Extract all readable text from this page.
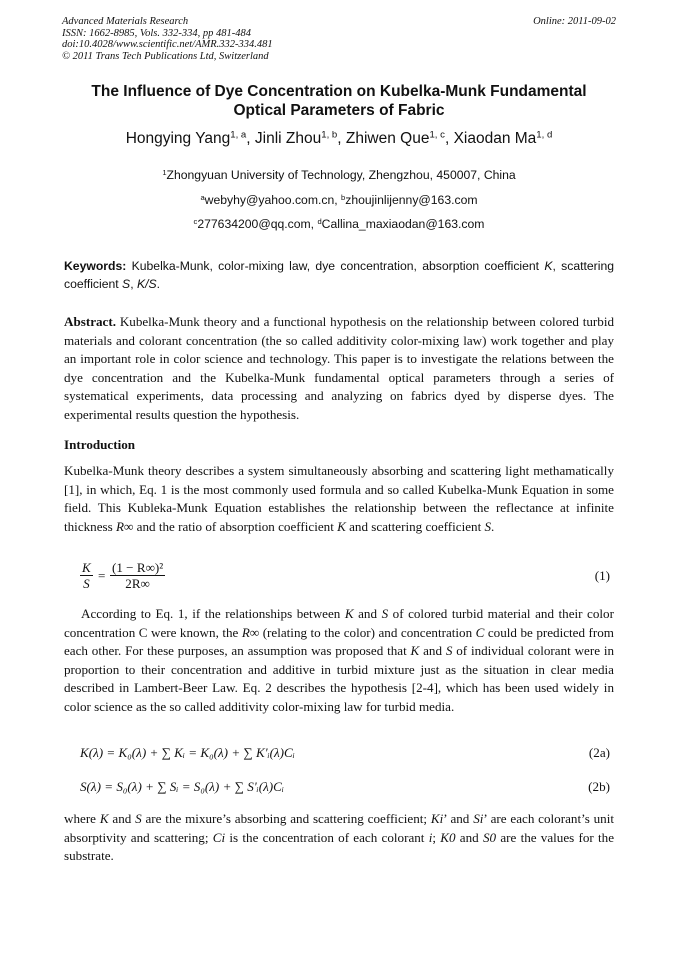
Advanced Materials Research
ISSN: 1662-8985, Vols. 332-334, pp 481-484
doi:10.4028/www.scientific.net/AMR.332-334.481
© 2011 Trans Tech Publications Ltd, Switzerland
Online: 2011-09-02
The Influence of Dye Concentration on Kubelka-Munk Fundamental
Optical Parameters of Fabric
Hongying Yang$^{1, a}$, Jinli Zhou$^{1, b}$, Zhiwen Que$^{1, c}$, Xiaodan Ma$^{1, d}$
$^1$Zhongyuan University of Technology, Zhengzhou, 450007, China
$^a$webyhy@yahoo.com.cn, $^b$zhoujinlijenny@163.com
$^c$277634200@qq.com, $^d$Callina_maxiaodan@163.com
Keywords: Kubelka-Munk, color-mixing law, dye concentration, absorption coefficient K, scattering coefficient S, K/S.
Abstract. Kubelka-Munk theory and a functional hypothesis on the relationship between colored turbid materials and colorant concentration (the so called additivity color-mixing law) work together and play an important role in color science and technology. This paper is to investigate the relations between the dye concentration and the Kubelka-Munk fundamental optical parameters through a series of systematical experiments, data processing and analyzing on fabrics dyed by disperse dyes. The experimental results question the hypothesis.
Introduction
Kubelka-Munk theory describes a system simultaneously absorbing and scattering light methamatically [1], in which, Eq. 1 is the most commonly used formula and so called Kubelka-Munk Equation in some field. This Kubleka-Munk Equation establishes the relationship between the reflectance at infinite thickness R∞ and the ratio of absorption coefficient K and scattering coefficient S.
$\frac{K}{S} = \frac{\text{(1 − R∞)²}}{2R\infty}$	(1)
According to Eq. 1, if the relationships between K and S of colored turbid material and their color concentration C were known, the R∞ (relating to the color) and concentration C could be predicted from each other. For these purposes, an assumption was proposed that K and S of individual colorant were in proportion to their concentration and additive in turbid mixture just as the situation in clear media described in Lambert-Beer Law. Eq. 2 describes the hypothesis [2-4], which has been used widely in color science as the so called additivity color-mixing law for turbid media.
K(λ) = K₀(λ) + ∑ Kᵢ = K₀(λ) + ∑ K'ᵢ(λ)Cᵢ	(2a)
S(λ) = S₀(λ) + ∑ Sᵢ = S₀(λ) + ∑ S'ᵢ(λ)Cᵢ	(2b)
where K and S are the mixure’s absorbing and scattering coefficient; Ki’ and Si’ are each colorant’s unit absorptivity and scattering; Ci is the concentration of each colorant i; K0 and S0 are the values for the substrate.
